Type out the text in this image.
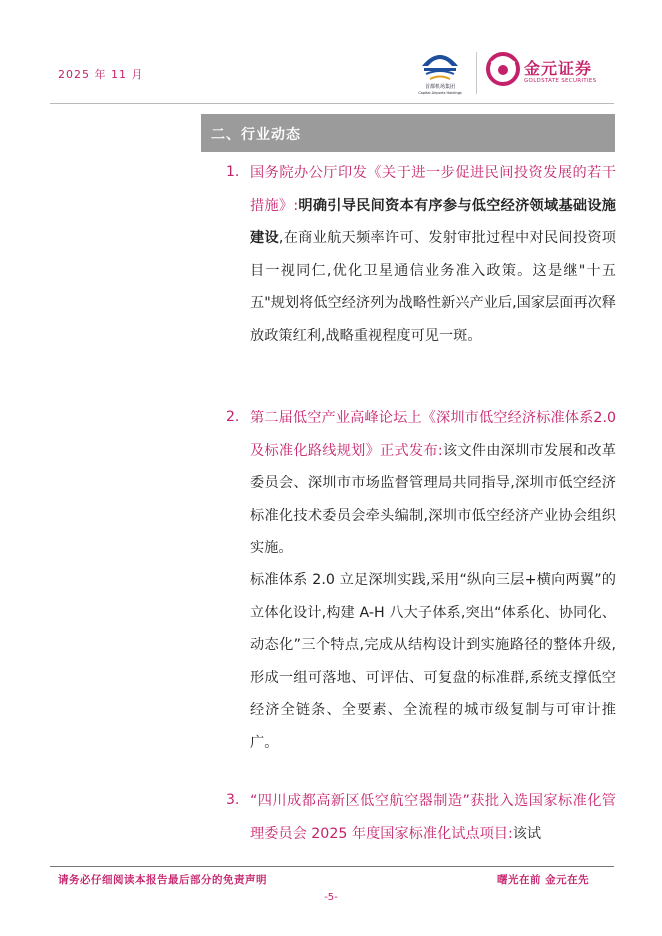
2025 年 11 月
首都机场集团
Capital Airports Holdings
金元证券
GOLDSTATE SECURITIES
二、行业动态
1. 国务院办公厅印发《关于进一步促进民间投资发展的若干措施》:明确引导民间资本有序参与低空经济领域基础设施建设,在商业航天频率许可、发射审批过程中对民间投资项目一视同仁,优化卫星通信业务准入政策。这是继"十五五"规划将低空经济列为战略性新兴产业后,国家层面再次释放政策红利,战略重视程度可见一斑。
2. 第二届低空产业高峰论坛上《深圳市低空经济标准体系2.0及标准化路线规划》正式发布:该文件由深圳市发展和改革委员会、深圳市市场监督管理局共同指导,深圳市低空经济标准化技术委员会牵头编制,深圳市低空经济产业协会组织实施。
标准体系 2.0 立足深圳实践,采用“纵向三层+横向两翼”的立体化设计,构建 A-H 八大子体系,突出“体系化、协同化、动态化”三个特点,完成从结构设计到实施路径的整体升级,形成一组可落地、可评估、可复盘的标准群,系统支撑低空经济全链条、全要素、全流程的城市级复制与可审计推广。
3. “四川成都高新区低空航空器制造”获批入选国家标准化管理委员会 2025 年度国家标准化试点项目:该试
请务必仔细阅读本报告最后部分的免责声明	曙光在前 金元在先
-5-
